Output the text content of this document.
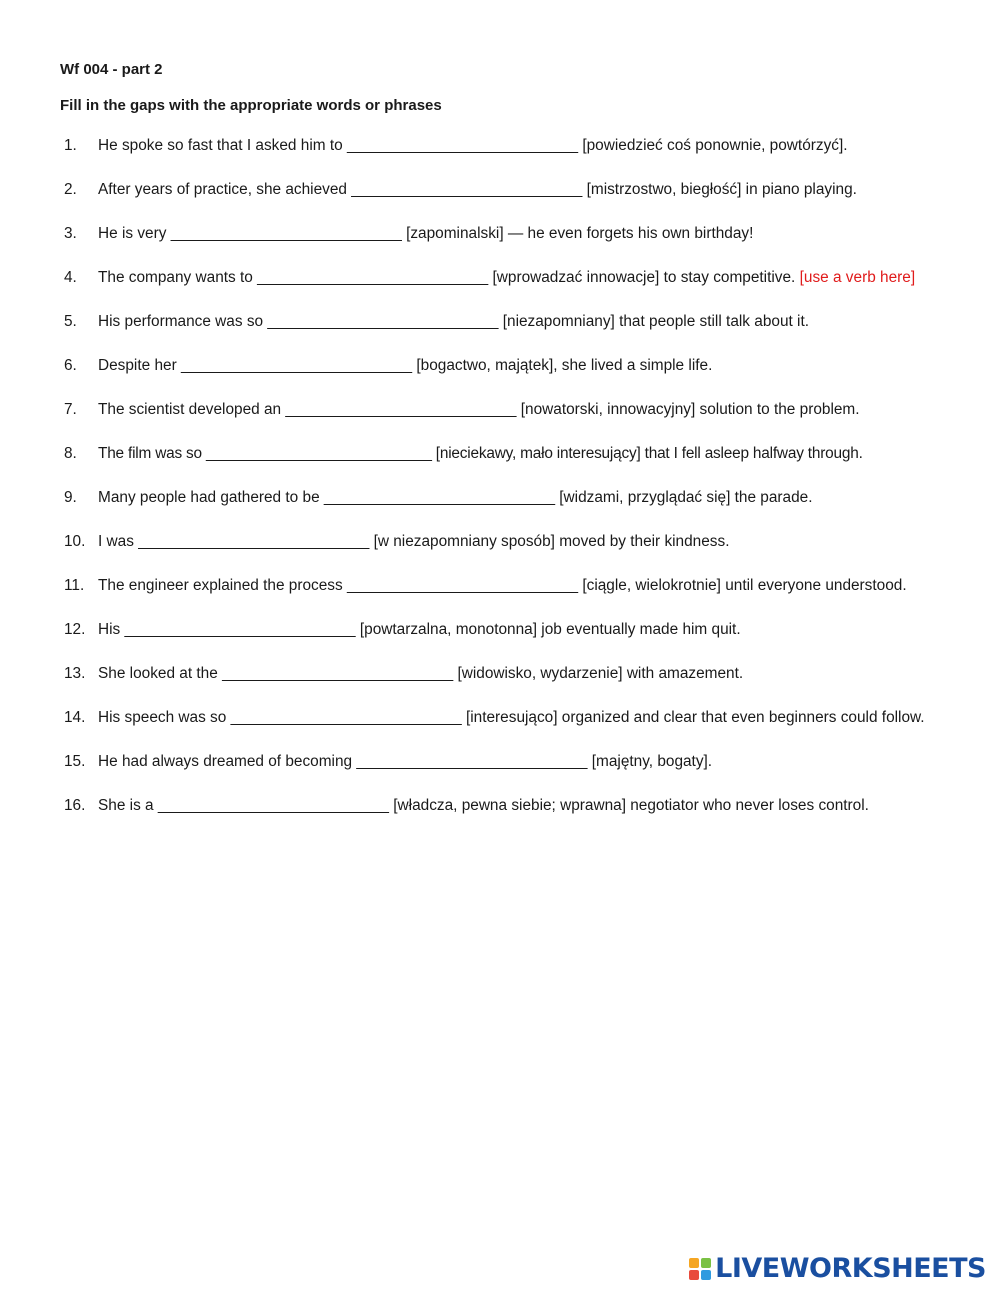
Wf 004 - part 2

Fill in the gaps with the appropriate words or phrases

1.	He spoke so fast that I asked him to ___________________________ [powiedzieć coś ponownie, powtórzyć].
2.	After years of practice, she achieved ___________________________ [mistrzostwo, biegłość] in piano playing.
3.	He is very ___________________________ [zapominalski] — he even forgets his own birthday!
4.	The company wants to ___________________________ [wprowadzać innowacje] to stay competitive. [use a verb here]
5.	His performance was so ___________________________ [niezapomniany] that people still talk about it.
6.	Despite her ___________________________ [bogactwo, majątek], she lived a simple life.
7.	The scientist developed an ___________________________ [nowatorski, innowacyjny] solution to the problem.
8.	The film was so ___________________________ [nieciekawy, mało interesujący] that I fell asleep halfway through.
9.	Many people had gathered to be ___________________________ [widzami, przyglądać się] the parade.
10. I was ___________________________ [w niezapomniany sposób] moved by their kindness.
11. The engineer explained the process ___________________________ [ciągle, wielokrotnie] until everyone understood.
12. His ___________________________ [powtarzalna, monotonna] job eventually made him quit.
13. She looked at the ___________________________ [widowisko, wydarzenie] with amazement.
14. His speech was so ___________________________ [interesująco] organized and clear that even beginners could follow.
15. He had always dreamed of becoming ___________________________ [majętny, bogaty].
16. She is a ___________________________ [władcza, pewna siebie; wprawna] negotiator who never loses control.
LIVEWORKSHEETS
